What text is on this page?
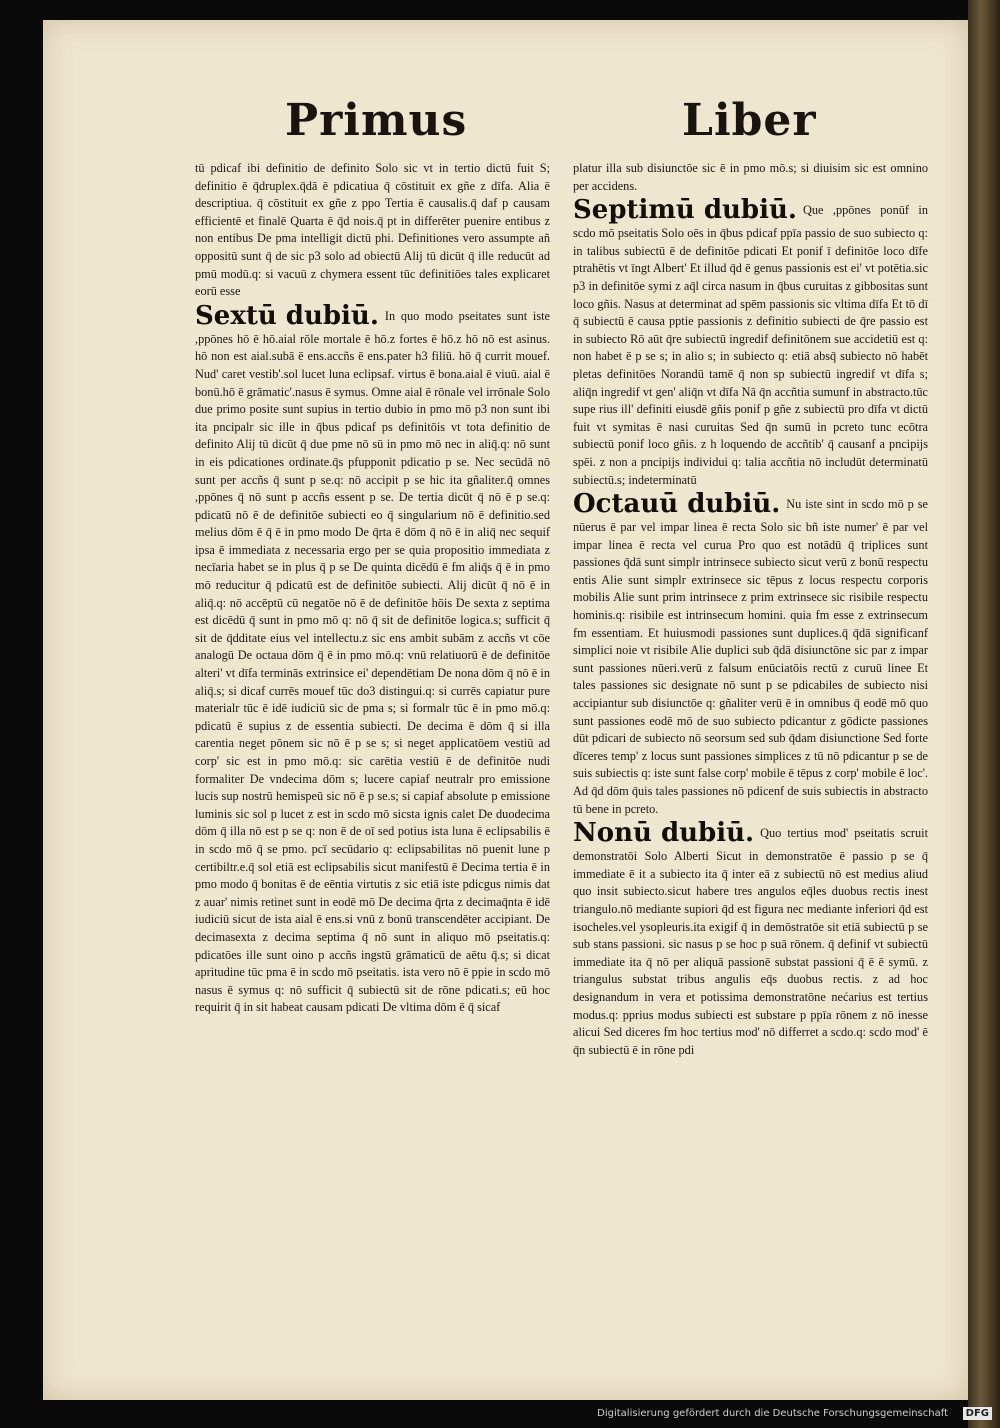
Primus	Liber

tū pdicaf ibi definitio de definito Solo sic vt in tertio dictū fuit S; definitio ē q̄druplex.q̄dā ē pdicatiua q̄ cōstituit ex gñe z dīfa. Alia ē descriptiua. q̄ cōstituit ex gñe z ppo Tertia ē causalis.q̄ daf p causam efficientē et finalē Quarta ē q̄d nois.q̄ pt in differēter puenire entibus z non entibus De pma intelligit dictū phi. Definitiones vero assumpte añ oppositū sunt q̄ de sic p3 solo ad obiectū Alij tū dicūt q̄ ille reducūt ad pmū modū.q: si vacuū z chymera essent tūc definitiōes tales explicaret eorū esse

Sextū dubiū. In quo modo pseitates sunt iste ,ppōnes hō ē hō.aial rōle mortale ē hō.z fortes ē hō.z hō nō est asinus. hō non est aial.subā ē ens.accñs ē ens.pater h3 filiū. hō q̄ currit mouef. Nud' caret vestib'.sol lucet luna eclipsaf. virtus ē bona.aial ē viuū. aial ē bonū.hō ē grāmatic'.nasus ē symus. Omne aial ē rōnale vel irrōnale Solo due primo posite sunt supius in tertio dubio in pmo mō p3 non sunt ibi ita pncipalr sic ille in q̄bus pdicaf ps definitōis vt tota definitio de definito Alij tū dicūt q̄ due pme nō sū in pmo mō nec in aliq̄.q: nō sunt in eis pdicationes ordinate.q̄s pfupponit pdicatio p se. Nec secūdā nō sunt per accñs q̄ sunt p se.q: nō accipit p se hic ita gñaliter.q̄ omnes ,ppōnes q̄ nō sunt p accñs essent p se. De tertia dicūt q̄ nō ē p se.q: pdicatū nō ē de definitōe subiecti eo q̄ singularium nō ē definitio.sed melius dōm ē q̄ ē in pmo modo De q̄rta ē dōm q̄ nō ē in aliq̄ nec sequif ipsa ē immediata z necessaria ergo per se quia propositio immediata z necīaria habet se in plus q̄ p se De quinta dicēdū ē fm aliq̄s q̄ ē in pmo mō reducitur q̄ pdicatū est de definitōe subiecti. Alij dicūt q̄ nō ē in aliq̄.q: nō accēptū cū negatōe nō ē de definitōe hōis De sexta z septima est dicēdū q̄ sunt in pmo mō q: nō q̄ sit de definitōe logica.s; sufficit q̄ sit de q̄dditate eius vel intellectu.z sic ens ambit subām z accñs vt cōe analogū De octaua dōm q̄ ē in pmo mō.q: vnū relatiuorū ē de definitōe alteri' vt dīfa terminās extrinsice ei' dependētiam De nona dōm q̄ nō ē in aliq̄.s; si dicaf currēs mouef tūc do3 distingui.q: si currēs capiatur pure materialr tūc ē idē iudiciū sic de pma s; si formalr tūc ē in pmo mō.q: pdicatū ē supius z de essentia subiecti. De decima ē dōm q̄ si illa carentia neget pōnem sic nō ē p se s; si neget applicatōem vestiū ad corp' sic est in pmo mō.q: sic carētia vestiū ē de definitōe nudi formaliter De vndecima dōm s; lucere capiaf neutralr pro emissione lucis sup nostrū hemispeū sic nō ē p se.s; si capiaf absolute p emissione luminis sic sol p lucet z est in scdo mō sicsta ignis calet De duodecima dōm q̄ illa nō est p se q: non ē de oī sed potius ista luna ē eclipsabilis ē in scdo mō q̄ se pmo. pcī secūdario q: eclipsabilitas nō puenit lune p certibiltr.e.q̄ sol etiā est eclipsabilis sicut manifestū ē Decima tertia ē in pmo modo q̄ bonitas ē de eēntia virtutis z sic etiā iste pdicgus nimis dat z auar' nimis retinet sunt in eodē mō De decima q̄rta z decimaq̄nta ē idē iudiciū sicut de ista aial ē ens.si vnū z bonū transcendēter accipiant. De decimasexta z decima septima q̄ nō sunt in aliquo mō pseitatis.q: pdicatōes ille sunt oino p accñs ingstū grāmaticū de aētu q̄.s; si dicat apritudine tūc pma ē in scdo mō pseitatis. ista vero nō ē ppie in scdo mō nasus ē symus q: nō sufficit q̄ subiectū sit de rōne pdicati.s; eū hoc requirit q̄ in sit habeat causam pdicati De vltima dōm ē q̄ sicaf

platur illa sub disiunctōe sic ē in pmo mō.s; si diuisim sic est omnino per accidens.

Septimū dubiū. Que ,ppōnes ponūf in scdo mō pseitatis Solo oēs in q̄bus pdicaf ppīa passio de suo subiecto q: in talibus subiectū ē de definitōe pdicati Et ponif ī definitōe loco dīfe ptrahētis vt īngt Albert' Et illud q̄d ē genus passionis est ei' vt potētia.sic p3 in definitōe symi z aq̄l circa nasum in q̄bus curuitas z gibbositas sunt loco gñis. Nasus at determinat ad spēm passionis sic vltima dīfa Et tō dī q̄ subiectū ē causa pptie passionis z definitio subiecti de q̄re passio est in subiecto Rō aūt q̄re subiectū ingredif definitōnem sue accidetiū est q: non habet ē p se s; in alio s; in subiecto q: etiā absq̄ subiecto nō habēt pletas definitōes Norandū tamē q̄ non sp subiectū ingredif vt dīfa s; aliq̄n ingredif vt gen' aliq̄n vt dīfa Nā q̄n accñtia sumunf in abstracto.tūc supe rius ill' definiti eiusdē gñis ponif p gñe z subiectū pro dīfa vt dictū fuit vt symitas ē nasi curuitas Sed q̄n sumū in pcreto tunc ecōtra subiectū ponif loco gñis. z h loquendo de accñtib' q̄ causanf a pncipijs spēi. z non a pncipijs individui q: talia accñtia nō includūt determinatū subiectū.s; indeterminatū

Octauū dubiū. Nu iste sint in scdo mō p se nūerus ē par vel impar linea ē recta Solo sic bñ iste numer' ē par vel impar linea ē recta vel curua Pro quo est notādū q̄ triplices sunt passiones q̄dā sunt simplr intrinsece subiecto sicut verū z bonū respectu entis Alie sunt simplr extrinsece sic tēpus z locus respectu corporis mobilis Alie sunt prim intrinsece z prim extrinsece sic risibile respectu hominis.q: risibile est intrinsecum homini. quia fm esse z extrinsecum fm essentiam. Et huiusmodi passiones sunt duplices.q̄ q̄dā significanf simplici noie vt risibile Alie duplici sub q̄dā disiunctōne sic par z impar sunt passiones nūeri.verū z falsum enūciatōis rectū z curuū linee Et tales passiones sic designate nō sunt p se pdicabiles de subiecto nisi accipiantur sub disiunctōe q: gñaliter verū ē in omnibus q̄ eodē mō quo sunt passiones eodē mō de suo subiecto pdicantur z gōdicte passiones dūt pdicari de subiecto nō seorsum sed sub q̄dam disiunctione Sed forte dīceres temp' z locus sunt passiones simplices z tū nō pdicantur p se de suis subiectis q: iste sunt false corp' mobile ē tēpus z corp' mobile ē loc'. Ad q̄d dōm q̄uis tales passiones nō pdicenf de suis subiectis in abstracto tū bene in pcreto.

Nonū dubiū. Quo tertius mod' pseitatis scruit demonstratōi Solo Alberti Sicut in demonstratōe ē passio p se q̄ immediate ē it a subiecto ita q̄ inter eā z subiectū nō est medius aliud quo insit subiecto.sicut habere tres angulos eq̄les duobus rectis inest triangulo.nō mediante supiori q̄d est figura nec mediante inferiori q̄d est isocheles.vel ysopleuris.ita exigif q̄ in demōstratōe sit etiā subiectū p se sub stans passioni. sic nasus p se hoc p suā rōnem. q̄ definif vt subiectū immediate ita q̄ nō per aliquā passionē substat passioni q̄ ē ē symū. z triangulus substat tribus angulis eq̄s duobus rectis. z ad hoc designandum in vera et potissima demonstratōne nećarius est tertius modus.q: pprius modus subiecti est substare p ppīa rōnem z nō inesse alicui Sed diceres fm hoc tertius mod' nō differret a scdo.q: scdo mod' ē q̄n subiectū ē in rōne pdi

Digitalisierung gefördert durch die Deutsche Forschungsgemeinschaft	DFG
